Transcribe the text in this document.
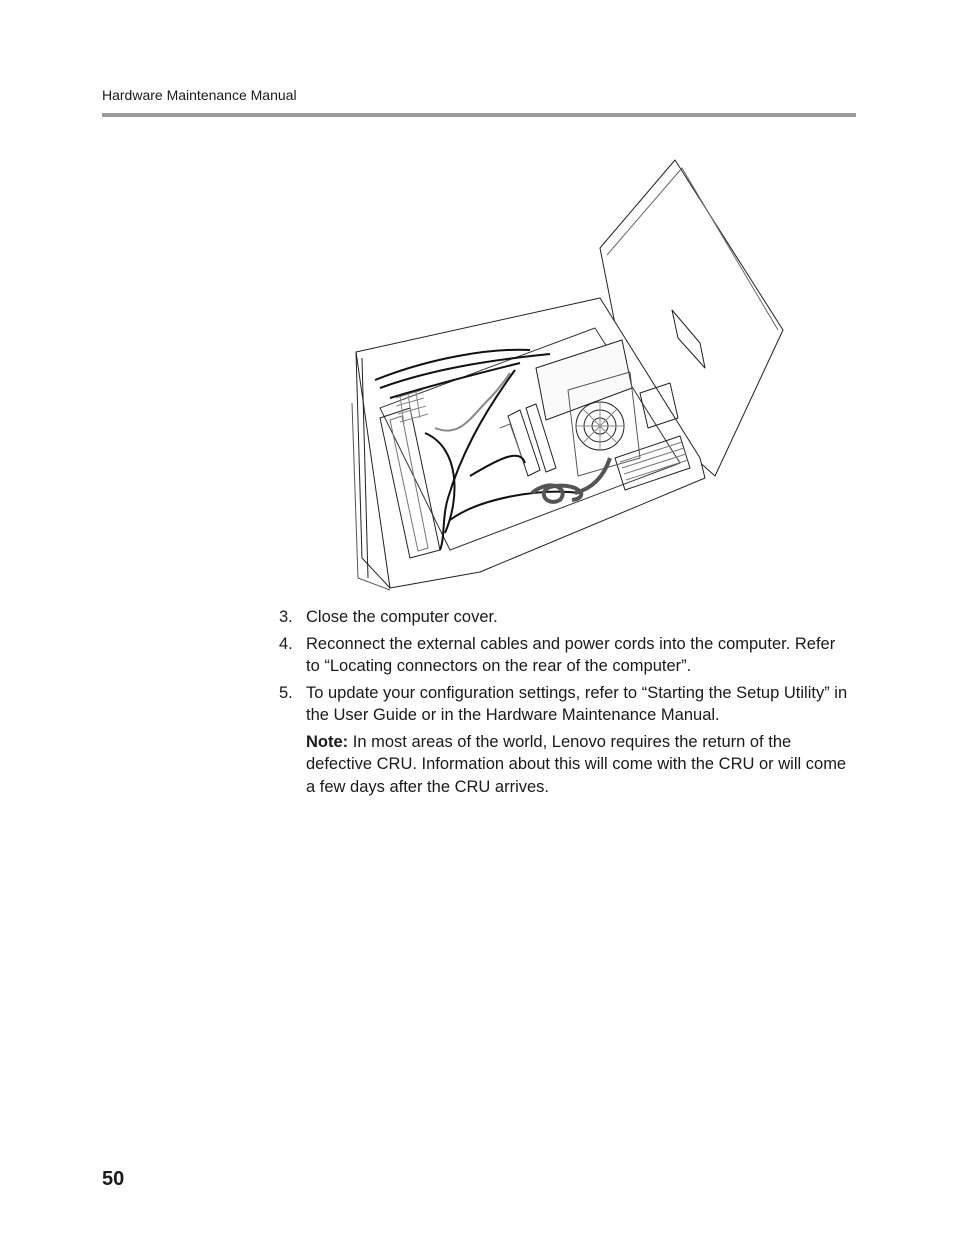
Hardware Maintenance Manual
3. Close the computer cover.
4. Reconnect the external cables and power cords into the computer. Refer to “Locating connectors on the rear of the computer”.
5. To update your configuration settings, refer to “Starting the Setup Utility” in the User Guide or in the Hardware Maintenance Manual.
Note: In most areas of the world, Lenovo requires the return of the defective CRU. Information about this will come with the CRU or will come a few days after the CRU arrives.
50
